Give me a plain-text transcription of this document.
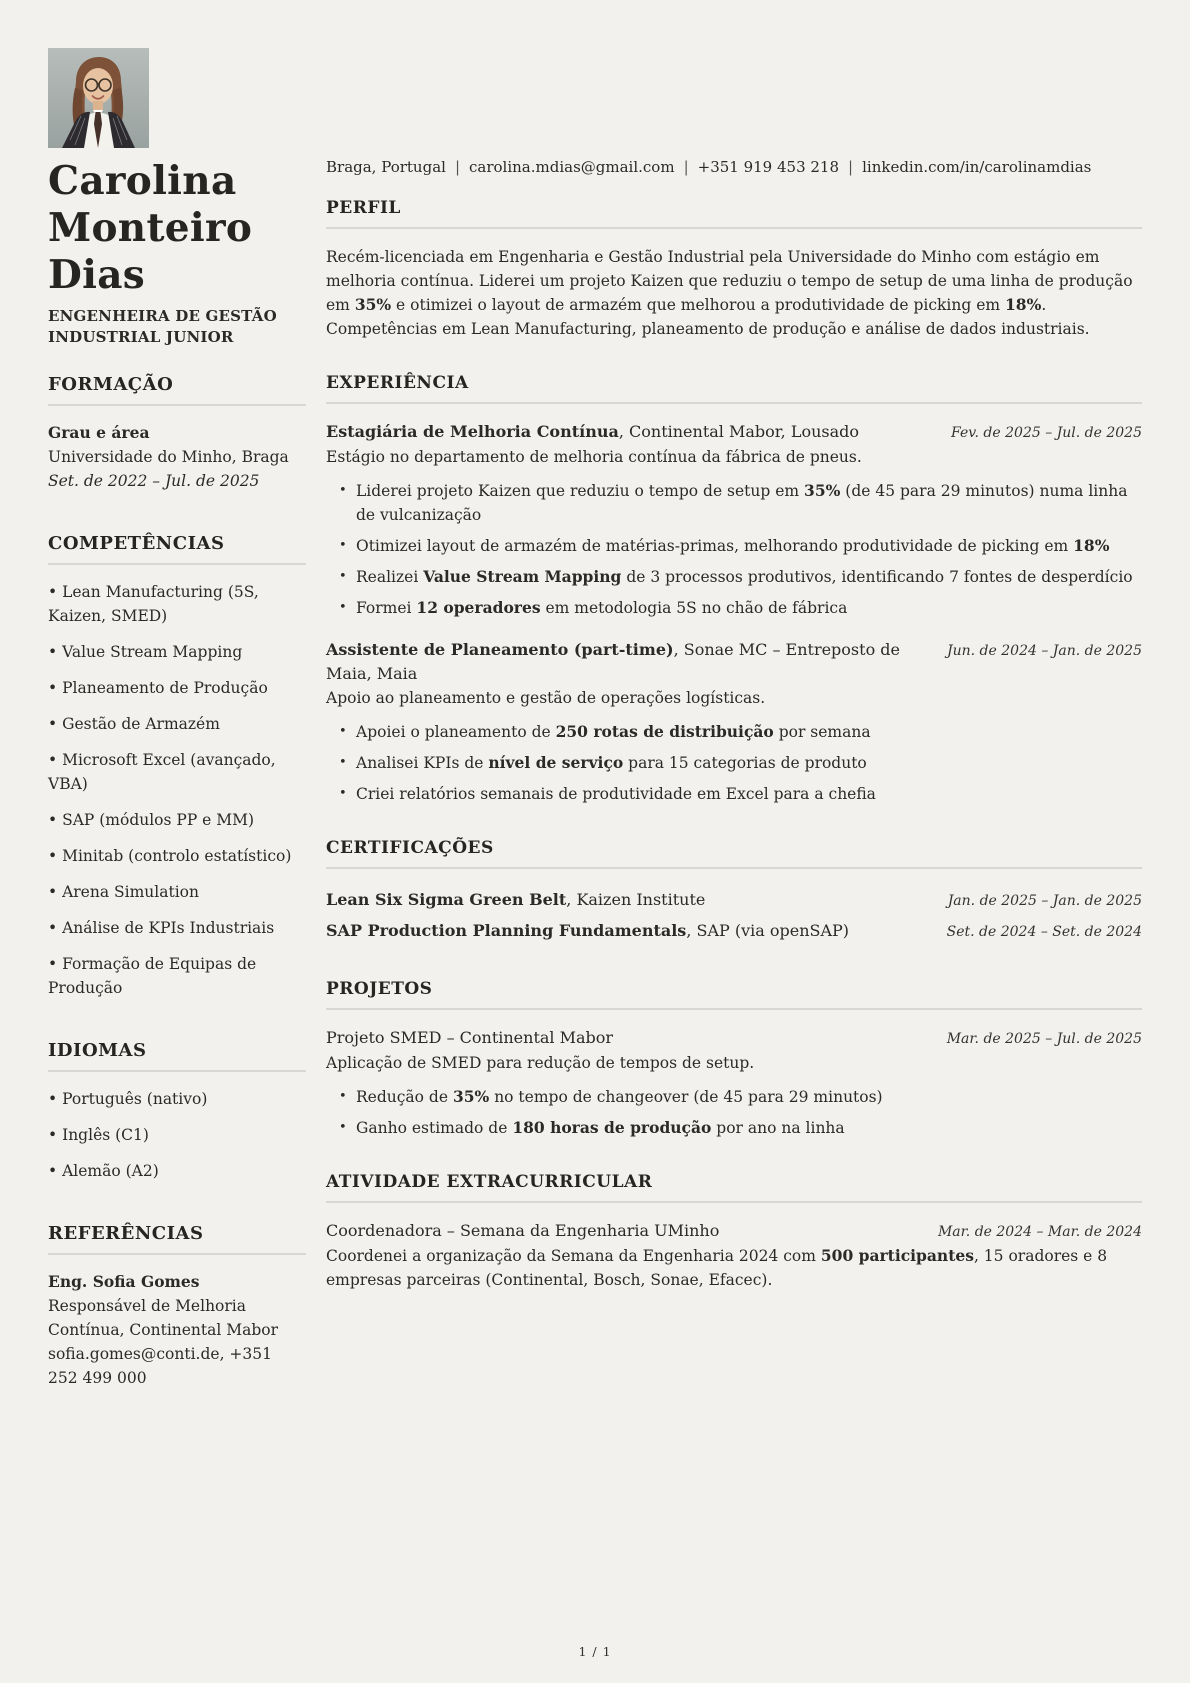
Carolina Monteiro Dias
ENGENHEIRA DE GESTÃO INDUSTRIAL JUNIOR
FORMAÇÃO
Grau e área
Universidade do Minho, Braga
Set. de 2022 – Jul. de 2025
COMPETÊNCIAS
• Lean Manufacturing (5S, Kaizen, SMED)
• Value Stream Mapping
• Planeamento de Produção
• Gestão de Armazém
• Microsoft Excel (avançado, VBA)
• SAP (módulos PP e MM)
• Minitab (controlo estatístico)
• Arena Simulation
• Análise de KPIs Industriais
• Formação de Equipas de Produção
IDIOMAS
• Português (nativo)
• Inglês (C1)
• Alemão (A2)
REFERÊNCIAS
Eng. Sofia Gomes
Responsável de Melhoria Contínua, Continental Mabor
sofia.gomes@conti.de, +351 252 499 000
Braga, Portugal | carolina.mdias@gmail.com | +351 919 453 218 | linkedin.com/in/carolinamdias
PERFIL

Recém-licenciada em Engenharia e Gestão Industrial pela Universidade do Minho com estágio em melhoria contínua. Liderei um projeto Kaizen que reduziu o tempo de setup de uma linha de produção em 35% e otimizei o layout de armazém que melhorou a produtividade de picking em 18%. Competências em Lean Manufacturing, planeamento de produção e análise de dados industriais.

EXPERIÊNCIA
Estagiária de Melhoria Contínua, Continental Mabor, Lousado	Fev. de 2025 – Jul. de 2025
Estágio no departamento de melhoria contínua da fábrica de pneus.
• Liderei projeto Kaizen que reduziu o tempo de setup em 35% (de 45 para 29 minutos) numa linha de vulcanização
• Otimizei layout de armazém de matérias-primas, melhorando produtividade de picking em 18%
• Realizei Value Stream Mapping de 3 processos produtivos, identificando 7 fontes de desperdício
• Formei 12 operadores em metodologia 5S no chão de fábrica
Assistente de Planeamento (part-time), Sonae MC – Entreposto de Maia, Maia
Jun. de 2024 – Jan. de 2025
Apoio ao planeamento e gestão de operações logísticas.
• Apoiei o planeamento de 250 rotas de distribuição por semana
• Analisei KPIs de nível de serviço para 15 categorias de produto
• Criei relatórios semanais de produtividade em Excel para a chefia
CERTIFICAÇÕES
Lean Six Sigma Green Belt, Kaizen Institute	Jan. de 2025 – Jan. de 2025
SAP Production Planning Fundamentals, SAP (via openSAP)	Set. de 2024 – Set. de 2024
PROJETOS
Projeto SMED – Continental Mabor	Mar. de 2025 – Jul. de 2025
Aplicação de SMED para redução de tempos de setup.
• Redução de 35% no tempo de changeover (de 45 para 29 minutos)
• Ganho estimado de 180 horas de produção por ano na linha
ATIVIDADE EXTRACURRICULAR
Coordenadora – Semana da Engenharia UMinho	Mar. de 2024 – Mar. de 2024
Coordenei a organização da Semana da Engenharia 2024 com 500 participantes, 15 oradores e 8 empresas parceiras (Continental, Bosch, Sonae, Efacec).
1 / 1
